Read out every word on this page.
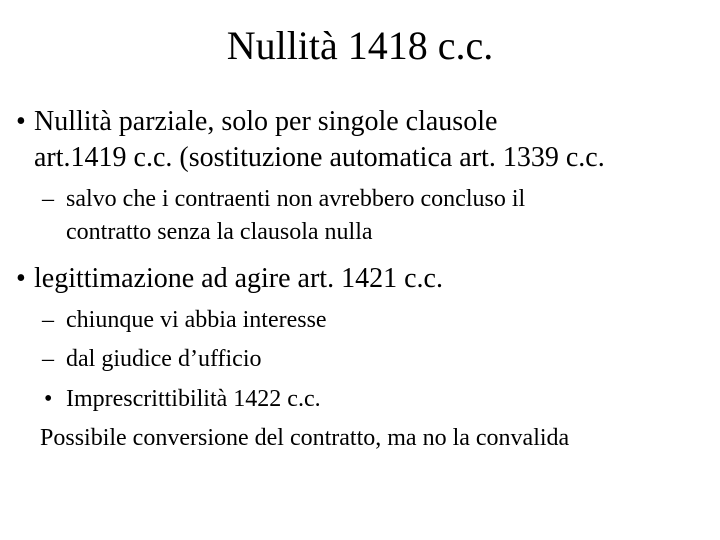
Nullità 1418 c.c.
• Nullità parziale, solo per singole clausole
art.1419 c.c. (sostituzione automatica art. 1339 c.c.
– salvo che i contraenti non avrebbero concluso il
contratto senza la clausola nulla
• legittimazione ad agire art. 1421 c.c.
– chiunque vi abbia interesse
– dal giudice d’ufficio
• Imprescrittibilità 1422 c.c.
Possibile conversione del contratto, ma no la convalida
